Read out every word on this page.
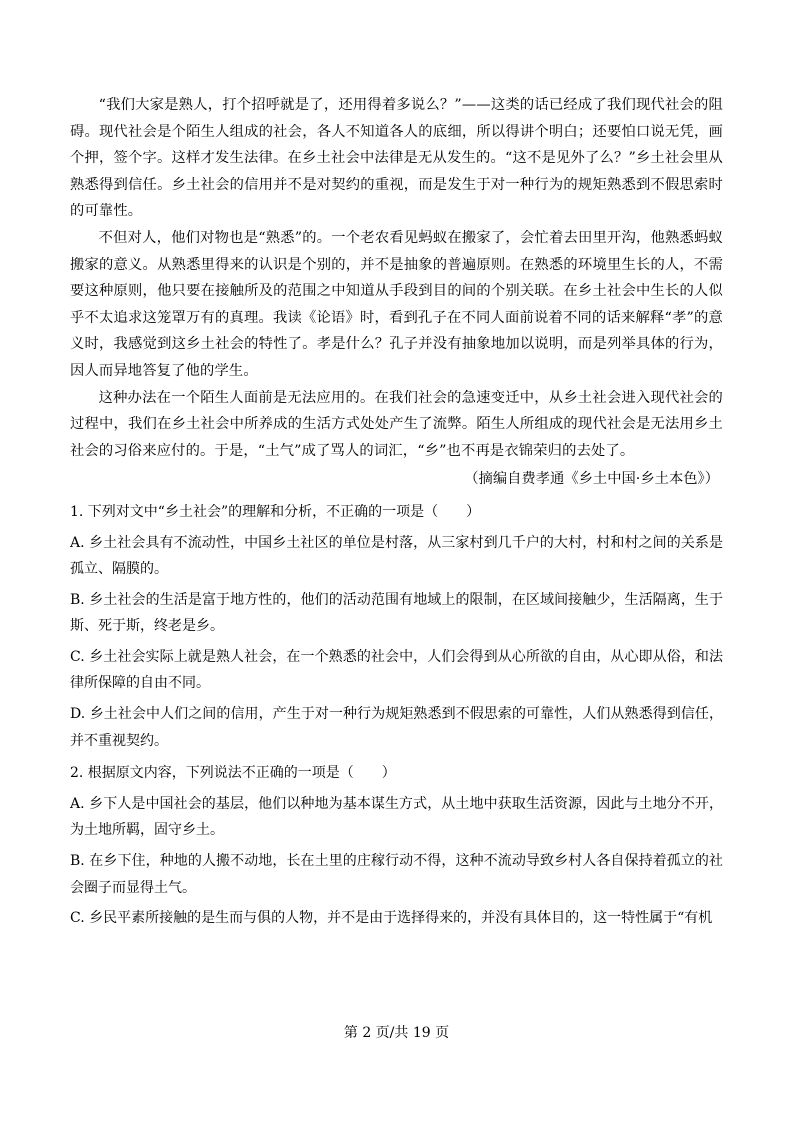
“我们大家是熟人，打个招呼就是了，还用得着多说么？”——这类的话已经成了我们现代社会的阻碍。现代社会是个陌生人组成的社会，各人不知道各人的底细，所以得讲个明白；还要怕口说无凭，画个押，签个字。这样才发生法律。在乡土社会中法律是无从发生的。“这不是见外了么？”乡土社会里从熟悉得到信任。乡土社会的信用并不是对契约的重视，而是发生于对一种行为的规矩熟悉到不假思索时的可靠性。

不但对人，他们对物也是“熟悉”的。一个老农看见蚂蚁在搬家了，会忙着去田里开沟，他熟悉蚂蚁搬家的意义。从熟悉里得来的认识是个别的，并不是抽象的普遍原则。在熟悉的环境里生长的人，不需要这种原则，他只要在接触所及的范围之中知道从手段到目的间的个别关联。在乡土社会中生长的人似乎不太追求这笼罩万有的真理。我读《论语》时，看到孔子在不同人面前说着不同的话来解释“孝”的意义时，我感觉到这乡土社会的特性了。孝是什么？孔子并没有抽象地加以说明，而是列举具体的行为，因人而异地答复了他的学生。

这种办法在一个陌生人面前是无法应用的。在我们社会的急速变迁中，从乡土社会进入现代社会的过程中，我们在乡土社会中所养成的生活方式处处产生了流弊。陌生人所组成的现代社会是无法用乡土社会的习俗来应付的。于是，“土气”成了骂人的词汇，“乡”也不再是衣锦荣归的去处了。

（摘编自费孝通《乡土中国·乡土本色》）

1. 下列对文中“乡土社会”的理解和分析，不正确的一项是（　　）

A. 乡土社会具有不流动性，中国乡土社区的单位是村落，从三家村到几千户的大村，村和村之间的关系是孤立、隔膜的。

B. 乡土社会的生活是富于地方性的，他们的活动范围有地域上的限制，在区域间接触少，生活隔离，生于斯、死于斯，终老是乡。

C. 乡土社会实际上就是熟人社会，在一个熟悉的社会中，人们会得到从心所欲的自由，从心即从俗，和法律所保障的自由不同。

D. 乡土社会中人们之间的信用，产生于对一种行为规矩熟悉到不假思索的可靠性，人们从熟悉得到信任，并不重视契约。

2. 根据原文内容，下列说法不正确的一项是（　　）

A. 乡下人是中国社会的基层，他们以种地为基本谋生方式，从土地中获取生活资源，因此与土地分不开，为土地所羁，固守乡土。

B. 在乡下住，种地的人搬不动地，长在土里的庄稼行动不得，这种不流动导致乡村人各自保持着孤立的社会圈子而显得土气。

C. 乡民平素所接触的是生而与俱的人物，并不是由于选择得来的，并没有具体目的，这一特性属于“有机

第 2 页/共 19 页
